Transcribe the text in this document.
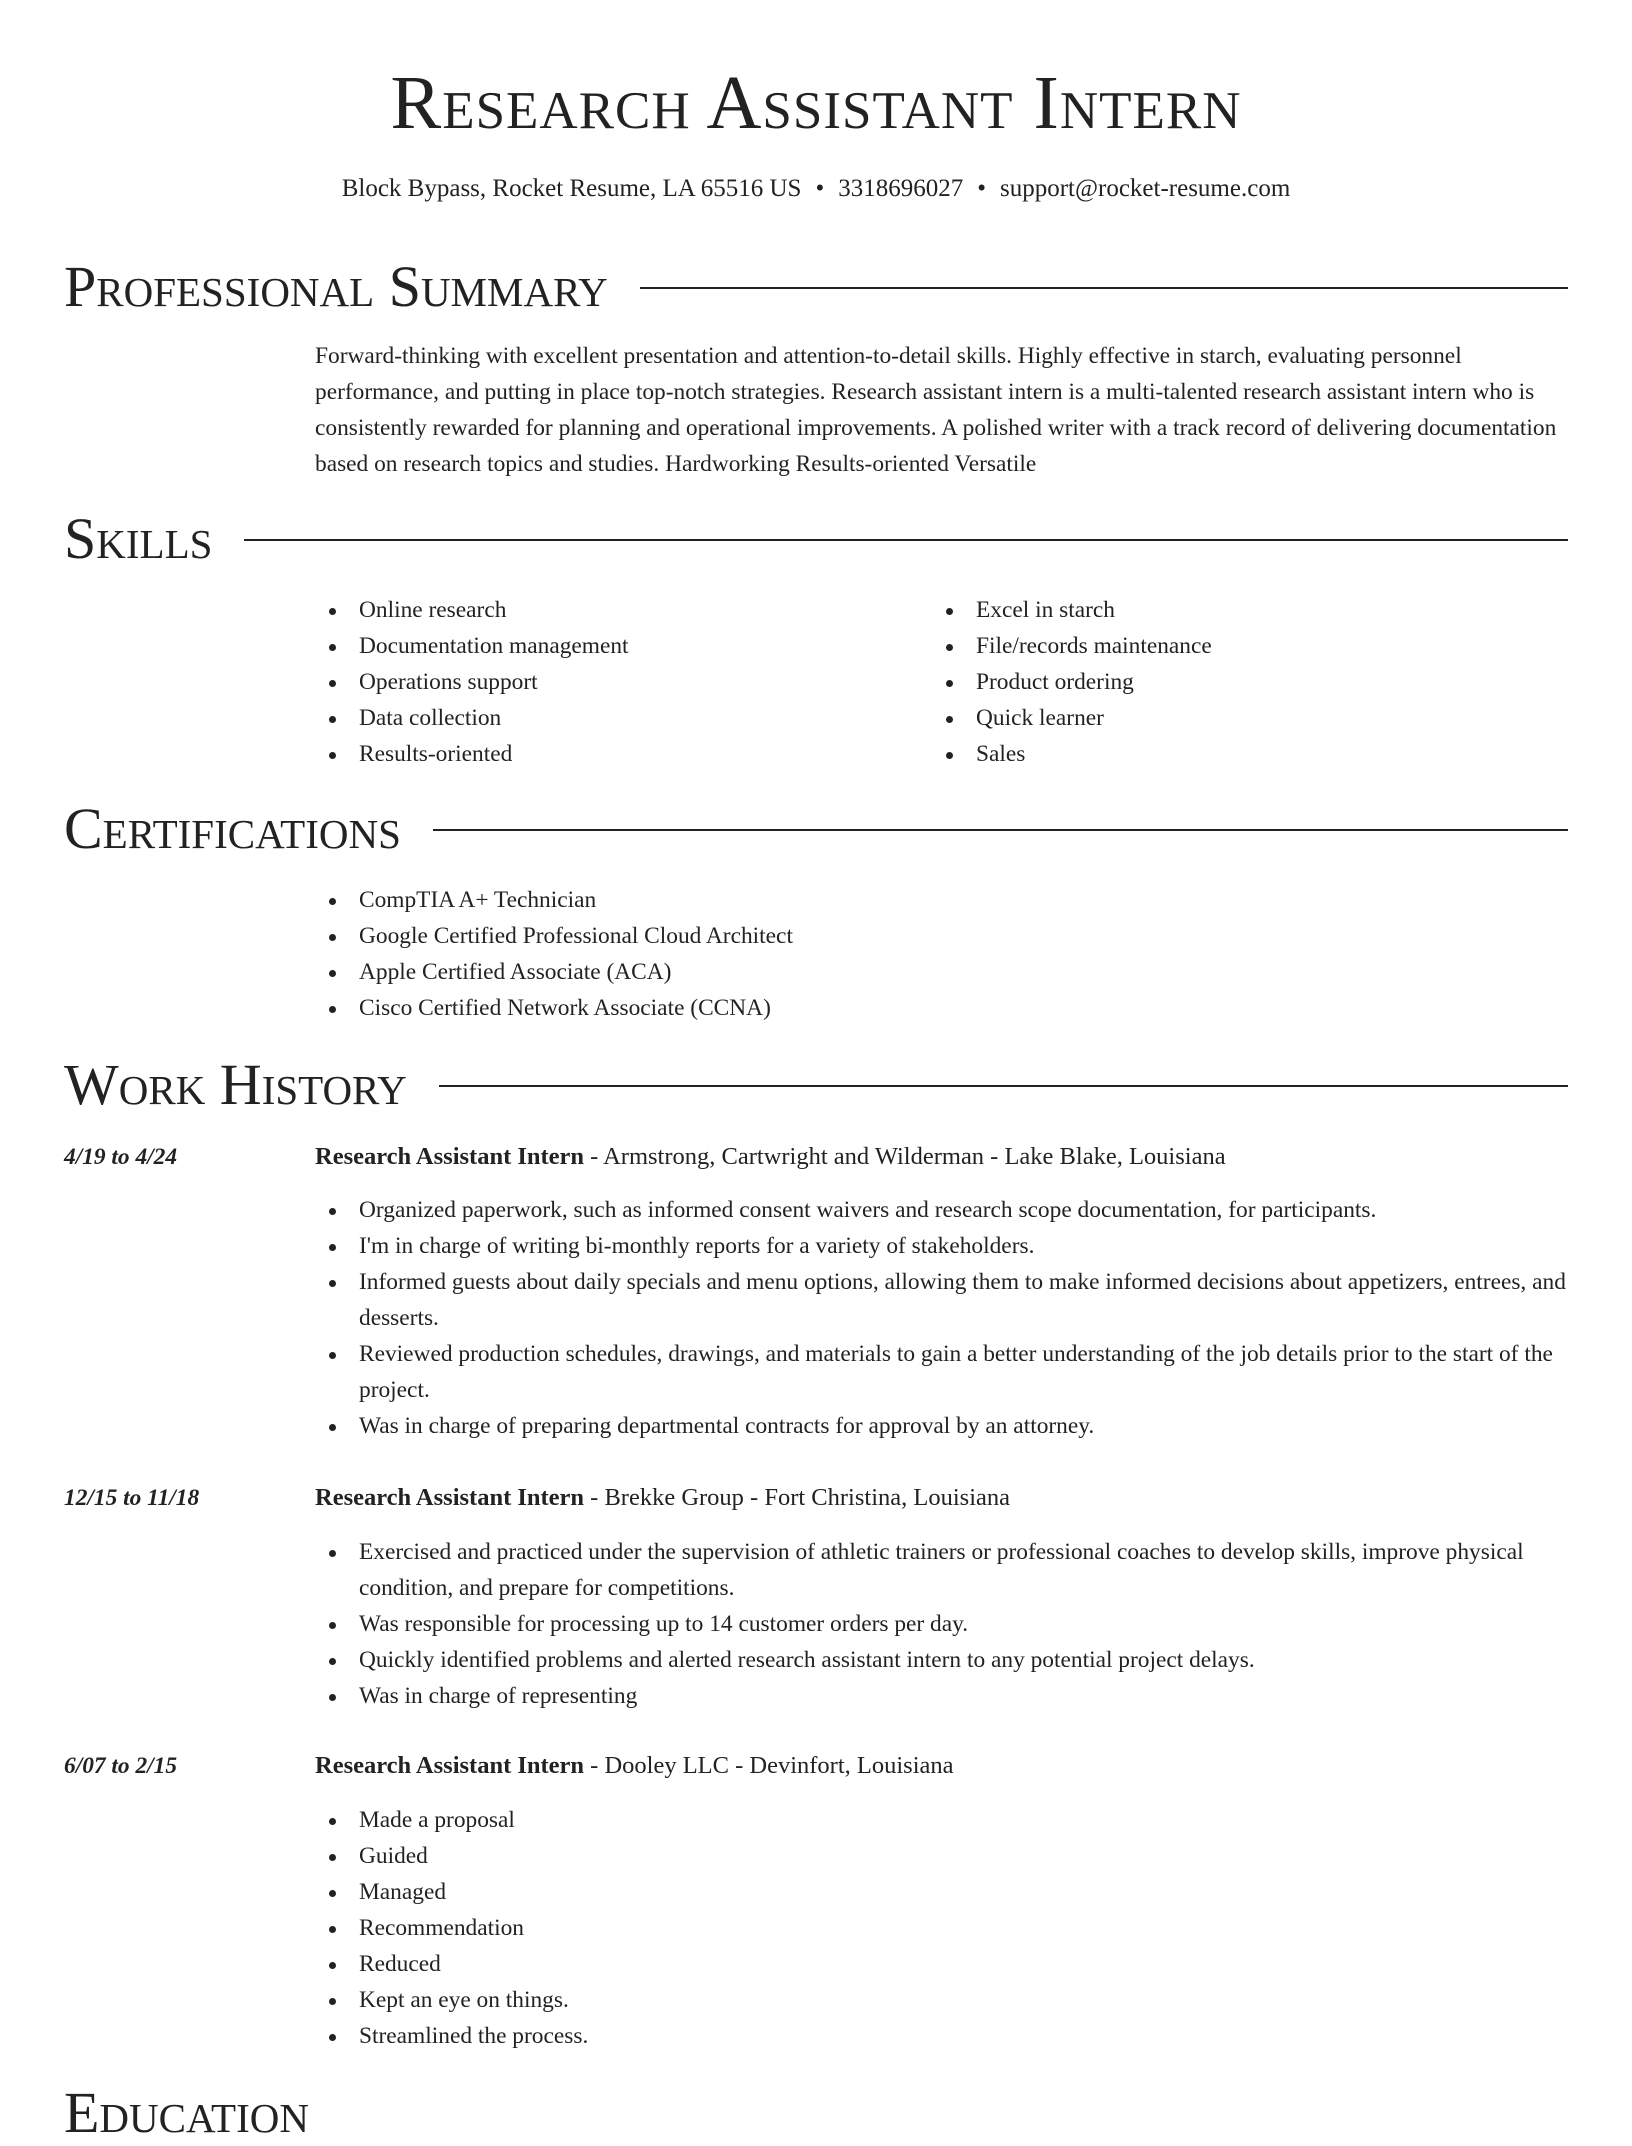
Research Assistant Intern
Block Bypass, Rocket Resume, LA 65516 US • 3318696027 • support@rocket-resume.com
Professional Summary
Forward-thinking with excellent presentation and attention-to-detail skills. Highly effective in starch, evaluating personnel performance, and putting in place top-notch strategies. Research assistant intern is a multi-talented research assistant intern who is consistently rewarded for planning and operational improvements. A polished writer with a track record of delivering documentation based on research topics and studies. Hardworking Results-oriented Versatile
Skills
Online research
Documentation management
Operations support
Data collection
Results-oriented
Excel in starch
File/records maintenance
Product ordering
Quick learner
Sales
Certifications
CompTIA A+ Technician
Google Certified Professional Cloud Architect
Apple Certified Associate (ACA)
Cisco Certified Network Associate (CCNA)
Work History
4/19 to 4/24	Research Assistant Intern - Armstrong, Cartwright and Wilderman - Lake Blake, Louisiana
Organized paperwork, such as informed consent waivers and research scope documentation, for participants.
I'm in charge of writing bi-monthly reports for a variety of stakeholders.
Informed guests about daily specials and menu options, allowing them to make informed decisions about appetizers, entrees, and desserts.
Reviewed production schedules, drawings, and materials to gain a better understanding of the job details prior to the start of the project.
Was in charge of preparing departmental contracts for approval by an attorney.
12/15 to 11/18	Research Assistant Intern - Brekke Group - Fort Christina, Louisiana
Exercised and practiced under the supervision of athletic trainers or professional coaches to develop skills, improve physical condition, and prepare for competitions.
Was responsible for processing up to 14 customer orders per day.
Quickly identified problems and alerted research assistant intern to any potential project delays.
Was in charge of representing
6/07 to 2/15	Research Assistant Intern - Dooley LLC - Devinfort, Louisiana
Made a proposal
Guided
Managed
Recommendation
Reduced
Kept an eye on things.
Streamlined the process.
Education
